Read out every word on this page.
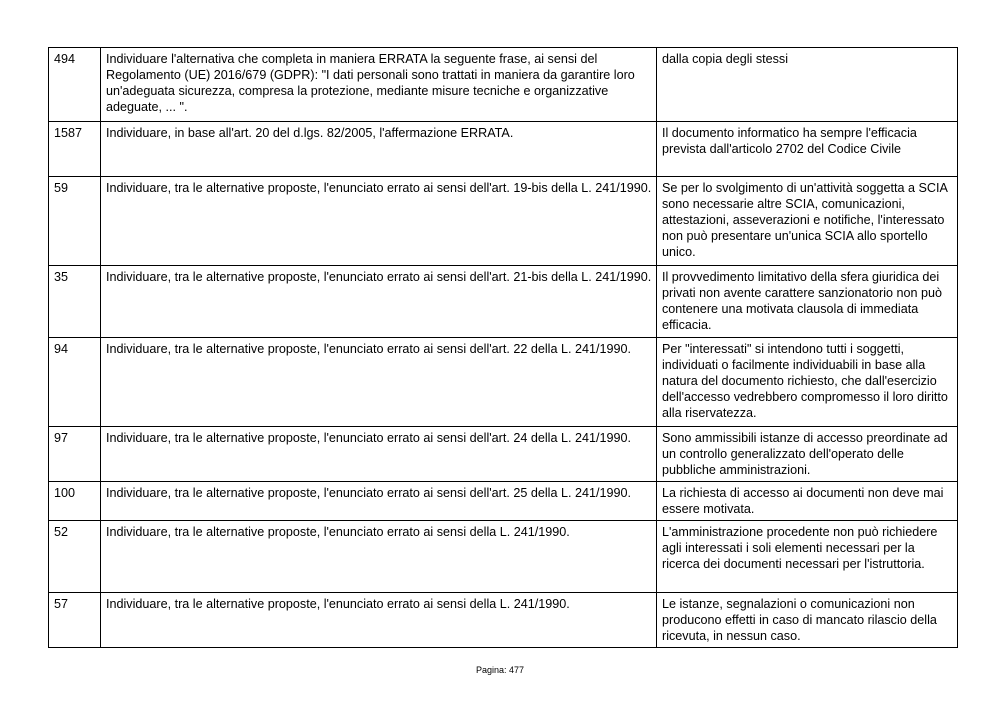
494	Individuare l'alternativa che completa in maniera ERRATA la seguente frase, ai sensi del Regolamento (UE) 2016/679 (GDPR): "I dati personali sono trattati in maniera da garantire loro un'adeguata sicurezza, compresa la protezione, mediante misure tecniche e organizzative adeguate, ... ".	dalla copia degli stessi
1587	Individuare, in base all'art. 20 del d.lgs. 82/2005, l'affermazione ERRATA.	Il documento informatico ha sempre l'efficacia prevista dall'articolo 2702 del Codice Civile
59	Individuare, tra le alternative proposte, l'enunciato errato ai sensi dell'art. 19-bis della L. 241/1990.	Se per lo svolgimento di un'attività soggetta a SCIA sono necessarie altre SCIA, comunicazioni, attestazioni, asseverazioni e notifiche, l'interessato non può presentare un'unica SCIA allo sportello unico.
35	Individuare, tra le alternative proposte, l'enunciato errato ai sensi dell'art. 21-bis della L. 241/1990.	Il provvedimento limitativo della sfera giuridica dei privati non avente carattere sanzionatorio non può contenere una motivata clausola di immediata efficacia.
94	Individuare, tra le alternative proposte, l'enunciato errato ai sensi dell'art. 22 della L. 241/1990.	Per "interessati" si intendono tutti i soggetti, individuati o facilmente individuabili in base alla natura del documento richiesto, che dall'esercizio dell'accesso vedrebbero compromesso il loro diritto alla riservatezza.
97	Individuare, tra le alternative proposte, l'enunciato errato ai sensi dell'art. 24 della L. 241/1990.	Sono ammissibili istanze di accesso preordinate ad un controllo generalizzato dell'operato delle pubbliche amministrazioni.
100	Individuare, tra le alternative proposte, l'enunciato errato ai sensi dell'art. 25 della L. 241/1990.	La richiesta di accesso ai documenti non deve mai essere motivata.
52	Individuare, tra le alternative proposte, l'enunciato errato ai sensi della L. 241/1990.	L'amministrazione procedente non può richiedere agli interessati i soli elementi necessari per la ricerca dei documenti necessari per l'istruttoria.
57	Individuare, tra le alternative proposte, l'enunciato errato ai sensi della L. 241/1990.	Le istanze, segnalazioni o comunicazioni non producono effetti in caso di mancato rilascio della ricevuta, in nessun caso.
Pagina: 477
